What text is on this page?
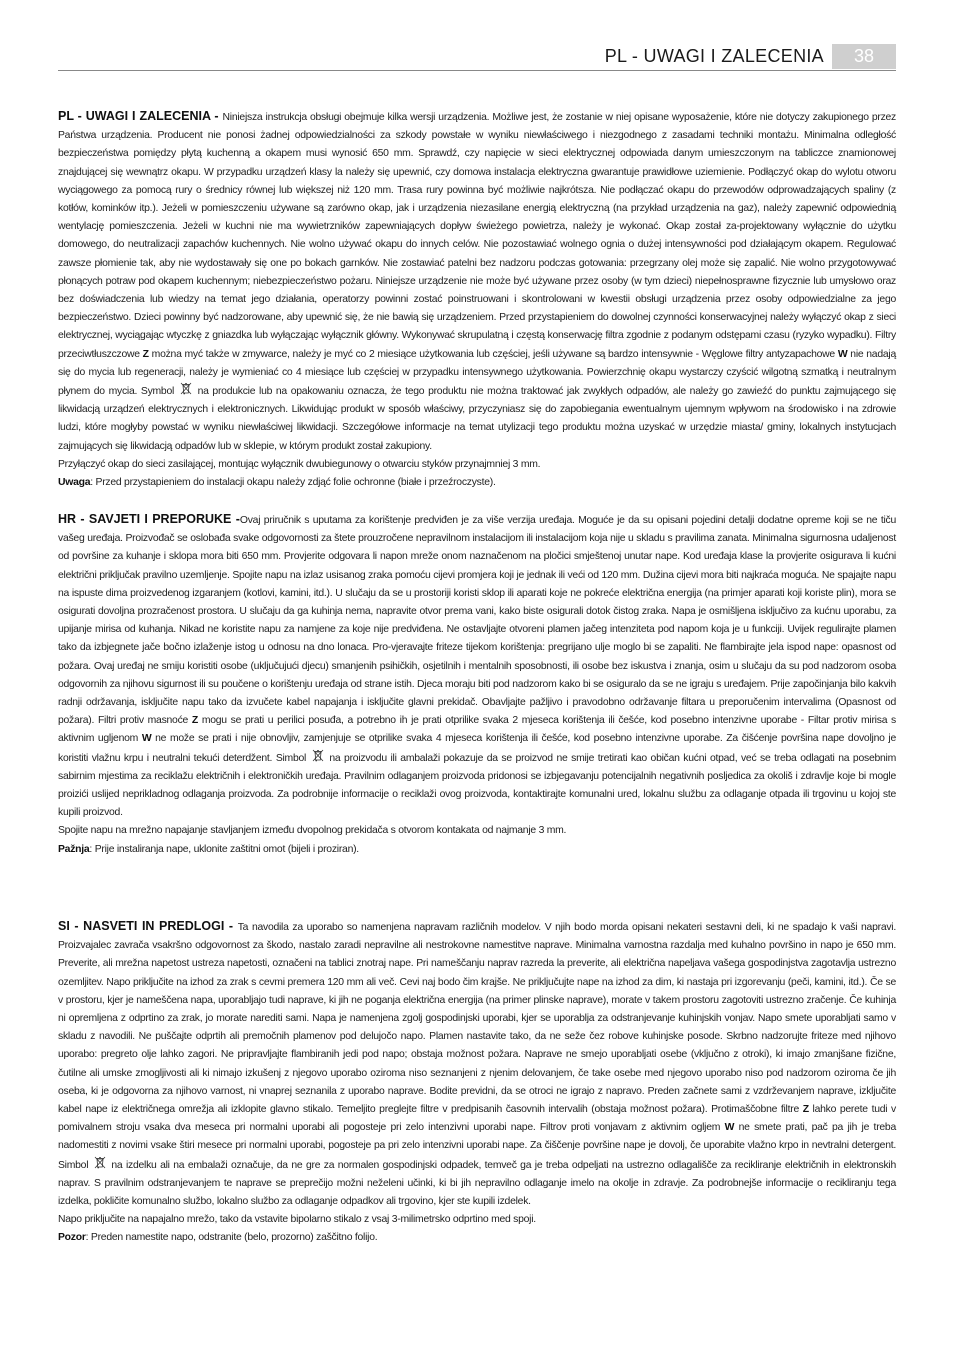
PL - UWAGI I ZALECENIA	38

PL - UWAGI I ZALECENIA - Niniejsza instrukcja obsługi obejmuje kilka wersji urządzenia. Możliwe jest, że zostanie w niej opisane wyposażenie, które nie dotyczy zakupionego przez Państwa urządzenia. Producent nie ponosi żadnej odpowiedzialności za szkody powstałe w wyniku niewłaściwego i niezgodnego z zasadami techniki montażu. Minimalna odległość bezpieczeństwa pomiędzy płytą kuchenną a okapem musi wynosić 650 mm. Sprawdź, czy napięcie w sieci elektrycznej odpowiada danym umieszczonym na tabliczce znamionowej znajdującej się wewnątrz okapu. W przypadku urządzeń klasy la należy się upewnić, czy domowa instalacja elektryczna gwarantuje prawidłowe uziemienie. Podłączyć okap do wylotu otworu wyciągowego za pomocą rury o średnicy równej lub większej niż 120 mm. Trasa rury powinna być możliwie najkrótsza. Nie podłączać okapu do przewodów odprowadzających spaliny (z kotłów, kominków itp.). Jeżeli w pomieszczeniu używane są zarówno okap, jak i urządzenia niezasilane energią elektryczną (na przykład urządzenia na gaz), należy zapewnić odpowiednią wentylację pomieszczenia. Jeżeli w kuchni nie ma wywietrzników zapewniających dopływ świeżego powietrza, należy je wykonać. Okap został za-projektowany wyłącznie do użytku domowego, do neutralizacji zapachów kuchennych. Nie wolno używać okapu do innych celów. Nie pozostawiać wolnego ognia o dużej intensywności pod działającym okapem. Regulować zawsze płomienie tak, aby nie wydostawały się one po bokach garnków. Nie zostawiać patelni bez nadzoru podczas gotowania: przegrzany olej może się zapalić. Nie wolno przygotowywać płonących potraw pod okapem kuchennym; niebezpieczeństwo pożaru. Niniejsze urządzenie nie może być używane przez osoby (w tym dzieci) niepełnosprawne fizycznie lub umysłowo oraz bez doświadczenia lub wiedzy na temat jego działania, operatorzy powinni zostać poinstruowani i skontrolowani w kwestii obsługi urządzenia przez osoby odpowiedzialne za jego bezpieczeństwo. Dzieci powinny być nadzorowane, aby upewnić się, że nie bawią się urządzeniem. Przed przystapieniem do dowolnej czynności konserwacyjnej należy wyłączyć okap z sieci elektrycznej, wyciągając wtyczkę z gniazdka lub wyłączając wyłącznik główny. Wykonywać skrupulatną i częstą konserwację filtra zgodnie z podanym odstępami czasu (ryzyko wypadku). Filtry przeciwtłuszczowe Z można myć także w zmywarce, należy je myć co 2 miesiące użytkowania lub częściej, jeśli używane są bardzo intensywnie - Węglowe filtry antyzapachowe W nie nadają się do mycia lub regeneracji, należy je wymieniać co 4 miesiące lub częściej w przypadku intensywnego użytkowania. Powierzchnię okapu wystarczy czyścić wilgotną szmatką i neutralnym płynem do mycia. Symbol  na produkcie lub na opakowaniu oznacza, że tego produktu nie można traktować jak zwykłych odpadów, ale należy go zawieźć do punktu zajmującego się likwidacją urządzeń elektrycznych i elektronicznych. Likwidując produkt w sposób właściwy, przyczyniasz się do zapobiegania ewentualnym ujemnym wpływom na środowisko i na zdrowie ludzi, które mogłyby powstać w wyniku niewłaściwej likwidacji. Szczegółowe informacje na temat utylizacji tego produktu można uzyskać w urzędzie miasta/ gminy, lokalnych instytucjach zajmujących się likwidacją odpadów lub w sklepie, w którym produkt został zakupiony.

Przyłączyć okap do sieci zasilającej, montując wyłącznik dwubiegunowy o otwarciu styków przynajmniej 3 mm.

Uwaga: Przed przystapieniem do instalacji okapu należy zdjąć folie ochronne (białe i przeźroczyste).

HR - SAVJETI I PREPORUKE -Ovaj priručnik s uputama za korištenje predviđen je za više verzija uređaja. Moguće je da su opisani pojedini detalji dodatne opreme koji se ne tiču vašeg uređaja. Proizvođač se oslobađa svake odgovornosti za štete prouzročene nepravilnom instalacijom ili instalacijom koja nije u skladu s pravilima zanata. Minimalna sigurnosna udaljenost od površine za kuhanje i sklopa mora biti 650 mm. Provjerite odgovara li napon mreže onom naznačenom na pločici smještenoj unutar nape. Kod uređaja klase la provjerite osigurava li kućni električni priključak pravilno uzemljenje. Spojite napu na izlaz usisanog zraka pomoću cijevi promjera koji je jednak ili veći od 120 mm. Dužina cijevi mora biti najkraća moguća. Ne spajajte napu na ispuste dima proizvedenog izgaranjem (kotlovi, kamini, itd.). U slučaju da se u prostoriji koristi sklop ili aparati koje ne pokreće električna energija (na primjer aparati koji koriste plin), mora se osigurati dovoljna prozračenost prostora. U slučaju da ga kuhinja nema, napravite otvor prema vani, kako biste osigurali dotok čistog zraka. Napa je osmišljena isključivo za kućnu uporabu, za upijanje mirisa od kuhanja. Nikad ne koristite napu za namjene za koje nije predviđena. Ne ostavljajte otvoreni plamen jačeg intenziteta pod napom koja je u funkciji. Uvijek regulirajte plamen tako da izbjegnete jače bočno izlaženje istog u odnosu na dno lonaca. Pro-vjeravajte friteze tijekom korištenja: pregrijano ulje moglo bi se zapaliti. Ne flambirajte jela ispod nape: opasnost od požara. Ovaj uređaj ne smiju koristiti osobe (uključujući djecu) smanjenih psihičkih, osjetilnih i mentalnih sposobnosti, ili osobe bez iskustva i znanja, osim u slučaju da su pod nadzorom osoba odgovornih za njihovu sigurnost ili su poučene o korištenju uređaja od strane istih. Djeca moraju biti pod nadzorom kako bi se osiguralo da se ne igraju s uređajem. Prije započinjanja bilo kakvih radnji održavanja, isključite napu tako da izvučete kabel napajanja i isključite glavni prekidač. Obavljajte pažljivo i pravodobno održavanje filtara u preporučenim intervalima (Opasnost od požara). Filtri protiv masnoće Z mogu se prati u perilici posuđa, a potrebno ih je prati otprilike svaka 2 mjeseca korištenja ili češće, kod posebno intenzivne uporabe - Filtar protiv mirisa s aktivnim ugljenom W ne može se prati i nije obnovljiv, zamjenjuje se otprilike svaka 4 mjeseca korištenja ili češće, kod posebno intenzivne uporabe. Za čišćenje površina nape dovoljno je koristiti vlažnu krpu i neutralni tekući deterdžent. Simbol  na proizvodu ili ambalaži pokazuje da se proizvod ne smije tretirati kao običan kućni otpad, već se treba odlagati na posebnim sabirnim mjestima za reciklažu električnih i elektroničkih uređaja. Pravilnim odlaganjem proizvoda pridonosi se izbjegavanju potencijalnih negativnih posljedica za okoliš i zdravlje koje bi mogle proizići uslijed neprikladnog odlaganja proizvoda. Za podrobnije informacije o reciklaži ovog proizvoda, kontaktirajte komunalni ured, lokalnu službu za odlaganje otpada ili trgovinu u kojoj ste kupili proizvod.

Spojite napu na mrežno napajanje stavljanjem između dvopolnog prekidača s otvorom kontakata od najmanje 3 mm.

Pažnja: Prije instaliranja nape, uklonite zaštitni omot (bijeli i proziran).

SI - NASVETI IN PREDLOGI - Ta navodila za uporabo so namenjena napravam različnih modelov. V njih bodo morda opisani nekateri sestavni deli, ki ne spadajo k vaši napravi. Proizvajalec zavrača vsakršno odgovornost za škodo, nastalo zaradi nepravilne ali nestrokovne namestitve naprave. Minimalna varnostna razdalja med kuhalno površino in napo je 650 mm. Preverite, ali mrežna napetost ustreza napetosti, označeni na tablici znotraj nape. Pri nameščanju naprav razreda la preverite, ali električna napeljava vašega gospodinjstva zagotavlja ustrezno ozemljitev. Napo priključite na izhod za zrak s cevmi premera 120 mm ali več. Cevi naj bodo čim krajše. Ne priključujte nape na izhod za dim, ki nastaja pri izgorevanju (peči, kamini, itd.). Če se v prostoru, kjer je nameščena napa, uporabljajo tudi naprave, ki jih ne poganja električna energija (na primer plinske naprave), morate v takem prostoru zagotoviti ustrezno zračenje. Če kuhinja ni opremljena z odprtino za zrak, jo morate narediti sami. Napa je namenjena zgolj gospodinjski uporabi, kjer se uporablja za odstranjevanje kuhinjskih vonjav. Napo smete uporabljati samo v skladu z navodili. Ne puščajte odprtih ali premočnih plamenov pod delujočo napo. Plamen nastavite tako, da ne seže čez robove kuhinjske posode. Skrbno nadzorujte friteze med njihovo uporabo: pregreto olje lahko zagori. Ne pripravljajte flambiranih jedi pod napo; obstaja možnost požara. Naprave ne smejo uporabljati osebe (vključno z otroki), ki imajo zmanjšane fizične, čutilne ali umske zmogljivosti ali ki nimajo izkušenj z njegovo uporabo oziroma niso seznanjeni z njenim delovanjem, če take osebe med njegovo uporabo niso pod nadzorom oziroma če jih oseba, ki je odgovorna za njihovo varnost, ni vnaprej seznanila z uporabo naprave. Bodite previdni, da se otroci ne igrajo z napravo. Preden začnete sami z vzdrževanjem naprave, izključite kabel nape iz električnega omrežja ali izklopite glavno stikalo. Temeljito preglejte filtre v predpisanih časovnih intervalih (obstaja možnost požara). Protimaščobne filtre Z lahko perete tudi v pomivalnem stroju vsaka dva meseca pri normalni uporabi ali pogosteje pri zelo intenzivni uporabi nape. Filtrov proti vonjavam z aktivnim ogljem W ne smete prati, pač pa jih je treba nadomestiti z novimi vsake štiri mesece pri normalni uporabi, pogosteje pa pri zelo intenzivni uporabi nape. Za čiščenje površine nape je dovolj, če uporabite vlažno krpo in nevtralni detergent. Simbol  na izdelku ali na embalaži označuje, da ne gre za normalen gospodinjski odpadek, temveč ga je treba odpeljati na ustrezno odlagališče za recikliranje električnih in elektronskih naprav. S pravilnim odstranjevanjem te naprave se preprečijo možni neželeni učinki, ki bi jih nepravilno odlaganje imelo na okolje in zdravje. Za podrobnejše informacije o recikliranju tega izdelka, pokličite komunalno službo, lokalno službo za odlaganje odpadkov ali trgovino, kjer ste kupili izdelek.

Napo priključite na napajalno mrežo, tako da vstavite bipolarno stikalo z vsaj 3-milimetrsko odprtino med spoji.

Pozor: Preden namestite napo, odstranite (belo, prozorno) zaščitno folijo.
